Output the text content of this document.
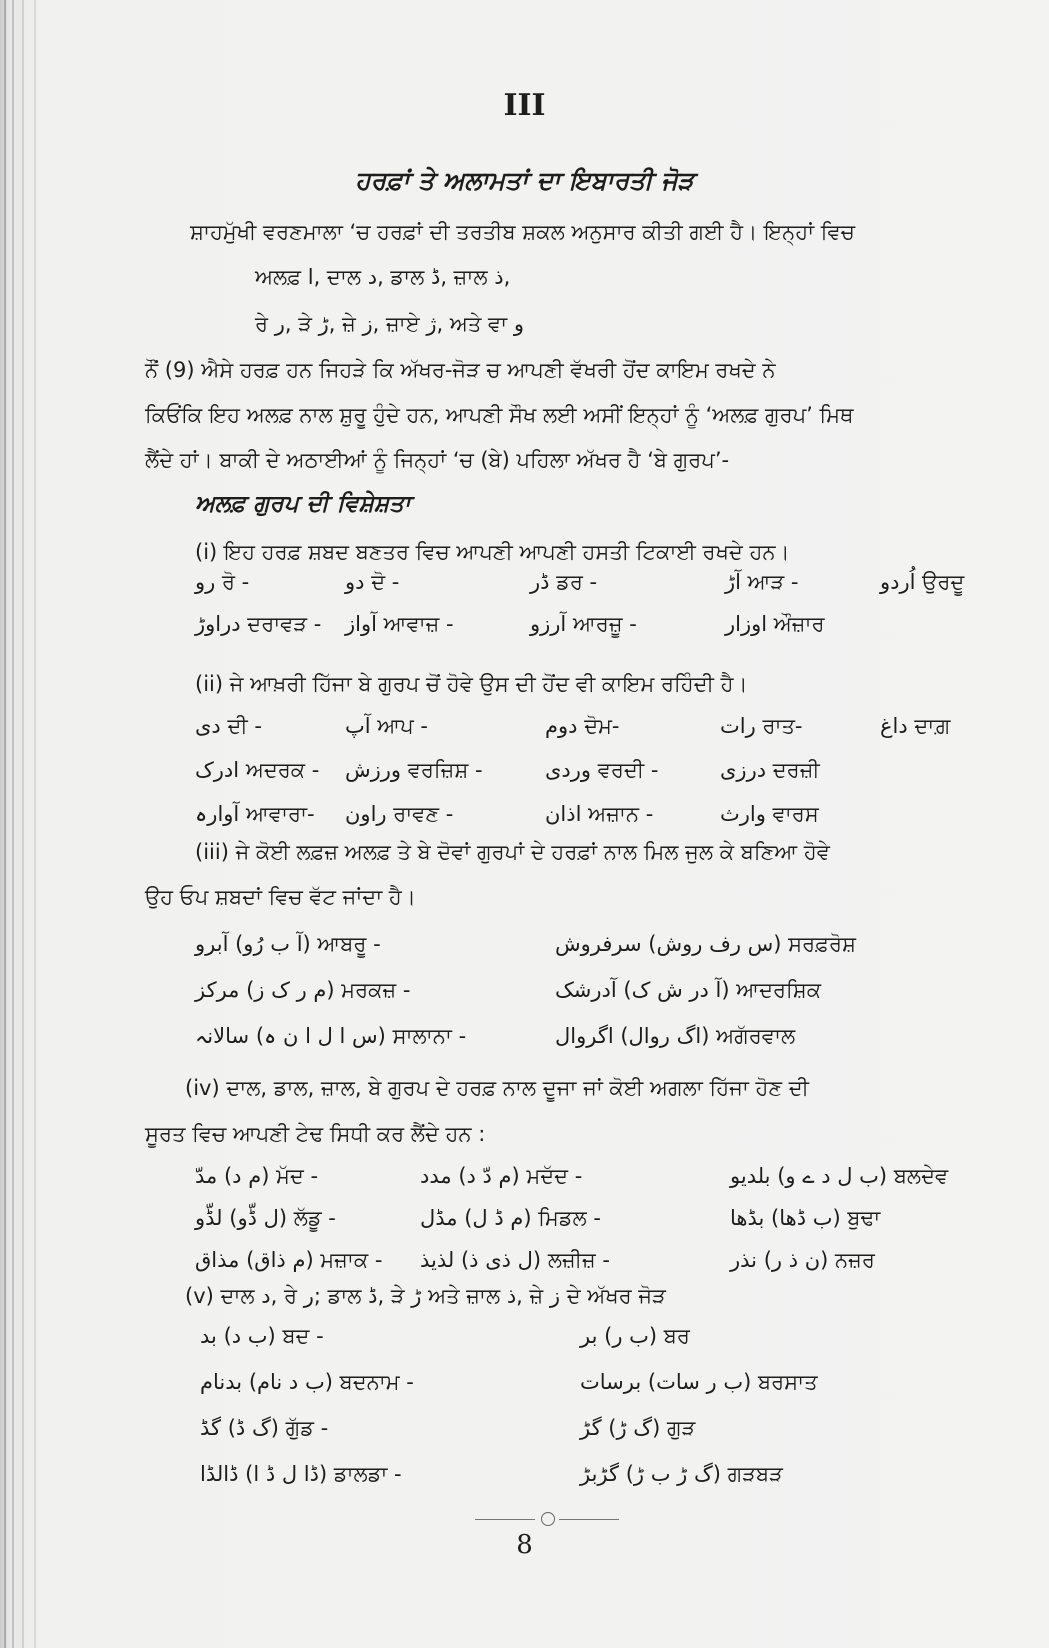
III
ਹਰਫ਼ਾਂ ਤੇ ਅਲਾਮਤਾਂ ਦਾ ਇਬਾਰਤੀ ਜੋੜ
ਸ਼ਾਹਮੁੱਖੀ ਵਰਣਮਾਲਾ ‘ਚ ਹਰਫ਼ਾਂ ਦੀ ਤਰਤੀਬ ਸ਼ਕਲ ਅਨੁਸਾਰ ਕੀਤੀ ਗਈ ਹੈ। ਇਨ੍ਹਾਂ ਵਿਚ
ਅਲਫ਼ ا, ਦਾਲ د, ਡਾਲ ڈ, ਜ਼ਾਲ ذ,
ਰੇ ر, ੜੇ ڑ, ਜ਼ੇ ز, ਜ਼ਾਏ ژ, ਅਤੇ ਵਾ و
ਨੌਂ (9) ਐਸੇ ਹਰਫ਼ ਹਨ ਜਿਹੜੇ ਕਿ ਅੱਖਰ-ਜੋੜ ਚ ਆਪਣੀ ਵੱਖਰੀ ਹੋਂਦ ਕਾਇਮ ਰਖਦੇ ਨੇ
ਕਿਓਂਕਿ ਇਹ ਅਲਫ਼ ਨਾਲ ਸ਼ੁਰੂ ਹੁੰਦੇ ਹਨ, ਆਪਣੀ ਸੌਖ ਲਈ ਅਸੀਂ ਇਨ੍ਹਾਂ ਨੂੰ ‘ਅਲਫ਼ ਗੁਰਪ’ ਮਿਥ
ਲੈਂਦੇ ਹਾਂ। ਬਾਕੀ ਦੇ ਅਠਾਈਆਂ ਨੂੰ ਜਿਨ੍ਹਾਂ ‘ਚ (ਬੇ) ਪਹਿਲਾ ਅੱਖਰ ਹੈ ‘ਬੇ ਗੁਰਪ’-
ਅਲਫ਼ ਗੁਰਪ ਦੀ ਵਿਸ਼ੇਸ਼ਤਾ
(i) ਇਹ ਹਰਫ਼ ਸ਼ਬਦ ਬਣਤਰ ਵਿਚ ਆਪਣੀ ਆਪਣੀ ਹਸਤੀ ਟਿਕਾਈ ਰਖਦੇ ਹਨ।
رو ਰੋ -	دو ਦੋ -	ڈر ਡਰ -	آڑ ਆੜ -	اُردو ਉਰਦੂ
دراوڑ ਦਰਾਵੜ - آواز ਆਵਾਜ਼ -	آرزو ਆਰਜ਼ੂ -	اوزار ਔਜ਼ਾਰ
(ii) ਜੇ ਆਖ਼ਰੀ ਹਿੱਜਾ ਬੇ ਗੁਰਪ ਚੋਂ ਹੋਵੇ ਉਸ ਦੀ ਹੋਂਦ ਵੀ ਕਾਇਮ ਰਹਿੰਦੀ ਹੈ।
دی ਦੀ -	آپ ਆਪ -	دوم ਦੋਮ-	رات ਰਾਤ-	داغ ਦਾਗ਼
ادرک ਅਦਰਕ - ورزش ਵਰਜ਼ਿਸ਼ -	وردی ਵਰਦੀ -	درزی ਦਰਜ਼ੀ
آوارہ ਆਵਾਰਾ- راون ਰਾਵਣ -	اذان ਅਜ਼ਾਨ -	وارث ਵਾਰਸ
(iii) ਜੇ ਕੋਈ ਲਫ਼ਜ਼ ਅਲਫ਼ ਤੇ ਬੇ ਦੋਵਾਂ ਗੁਰਪਾਂ ਦੇ ਹਰਫ਼ਾਂ ਨਾਲ ਮਿਲ ਜੁਲ ਕੇ ਬਣਿਆ ਹੋਵੇ
ਉਹ ਓਪ ਸ਼ਬਦਾਂ ਵਿਚ ਵੱਟ ਜਾਂਦਾ ਹੈ।
آبرو (آ ب رُو) ਆਬਰੂ -	سرفروش (س رف روش) ਸਰਫ਼ਰੋਸ਼
مرکز (م ر ک ز) ਮਰਕਜ਼ -	آدرشک (آ در ش ک) ਆਦਰਸ਼ਿਕ
سالانہ (س ا ل ا ن ہ) ਸਾਲਾਨਾ -	اگروال (اگ روال) ਅਗੱਰਵਾਲ
(iv) ਦਾਲ, ਡਾਲ, ਜ਼ਾਲ, ਬੇ ਗੁਰਪ ਦੇ ਹਰਫ਼ ਨਾਲ ਦੂਜਾ ਜਾਂ ਕੋਈ ਅਗਲਾ ਹਿੱਜਾ ਹੋਣ ਦੀ
ਸੂਰਤ ਵਿਚ ਆਪਣੀ ਟੇਢ ਸਿਧੀ ਕਰ ਲੈਂਦੇ ਹਨ :
مدّ (م د) ਮੱਦ -	مدد (م دّ د) ਮਦੱਦ -	بلدیو (ب ل د ے و) ਬਲਦੇਵ
لڈّو (ل ڈّو) ਲੱਡੂ -	مڈل (م ڈ ل) ਮਿਡਲ -	بڈھا (ب ڈھا) ਬੁਢਾ
مذاق (م ذاق) ਮਜ਼ਾਕ - لذیذ (ل ذی ذ) ਲਜ਼ੀਜ਼ -	نذر (ن ذ ر) ਨਜ਼ਰ
(v) ਦਾਲ د, ਰੇ ر; ਡਾਲ ڈ, ੜੇ ڑ ਅਤੇ ਜ਼ਾਲ ذ, ਜ਼ੇ ز ਦੇ ਅੱਖਰ ਜੋੜ
بد (ب د) ਬਦ -	بر (ب ر) ਬਰ
بدنام (ب د نام) ਬਦਨਾਮ -	برسات (ب ر سات) ਬਰਸਾਤ
گڈ (گ ڈ) ਗੁੱਡ -	گڑ (گ ڑ) ਗੁੜ
ڈالڈا (ڈا ل ڈ ا) ਡਾਲਡਾ -	گڑبڑ (گ ڑ ب ڑ) ਗੜਬੜ
8
